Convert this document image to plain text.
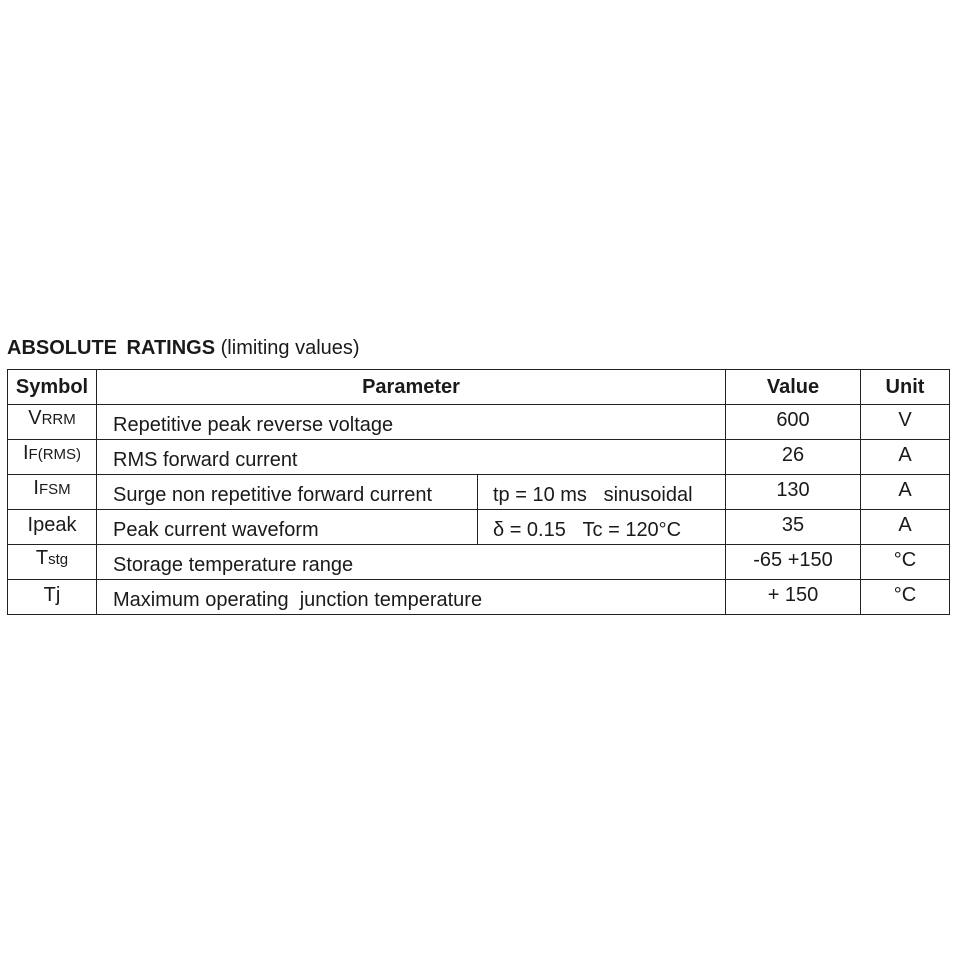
ABSOLUTE RATINGS (limiting values)
Symbol	Parameter		Value	Unit
VRRM	Repetitive peak reverse voltage		600	V
IF(RMS)	RMS forward current		26	A
IFSM	Surge non repetitive forward current	tp = 10 ms   sinusoidal	130	A
Ipeak	Peak current waveform	δ = 0.15   Tc = 120°C	35	A
Tstg	Storage temperature range		-65 +150	°C
Tj	Maximum operating  junction temperature		+ 150	°C
